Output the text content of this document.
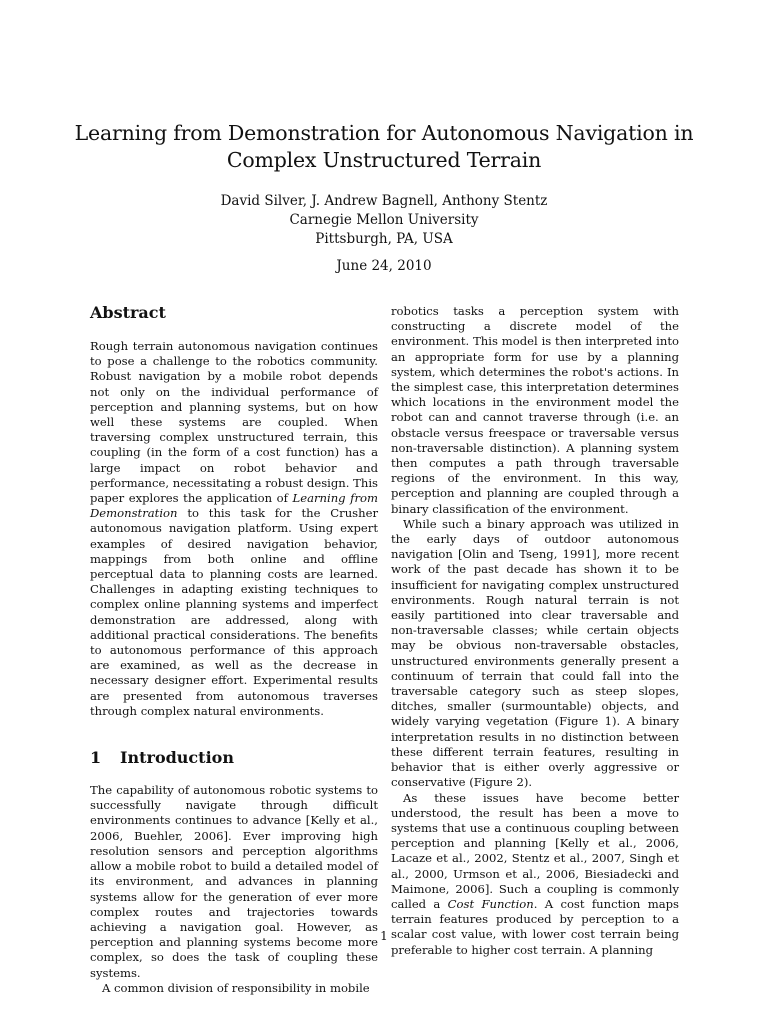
Learning from Demonstration for Autonomous Navigation in
Complex Unstructured Terrain
David Silver, J. Andrew Bagnell, Anthony Stentz
Carnegie Mellon University
Pittsburgh, PA, USA
June 24, 2010
Abstract

Rough terrain autonomous navigation continues to pose a challenge to the robotics community. Robust navigation by a mobile robot depends not only on the individual performance of perception and planning systems, but on how well these systems are coupled. When traversing complex unstructured terrain, this coupling (in the form of a cost function) has a large impact on robot behavior and performance, necessitating a robust design. This paper explores the application of Learning from Demonstration to this task for the Crusher autonomous navigation platform. Using expert examples of desired navigation behavior, mappings from both online and offline perceptual data to planning costs are learned. Challenges in adapting existing techniques to complex online planning systems and imperfect demonstration are addressed, along with additional practical considerations. The benefits to autonomous performance of this approach are examined, as well as the decrease in necessary designer effort. Experimental results are presented from autonomous traverses through complex natural environments.

1 Introduction

The capability of autonomous robotic systems to successfully navigate through difficult environments continues to advance [Kelly et al., 2006, Buehler, 2006]. Ever improving high resolution sensors and perception algorithms allow a mobile robot to build a detailed model of its environment, and advances in planning systems allow for the generation of ever more complex routes and trajectories towards achieving a navigation goal. However, as perception and planning systems become more complex, so does the task of coupling these systems.

A common division of responsibility in mobile

robotics tasks a perception system with constructing a discrete model of the environment. This model is then interpreted into an appropriate form for use by a planning system, which determines the robot's actions. In the simplest case, this interpretation determines which locations in the environment model the robot can and cannot traverse through (i.e. an obstacle versus freespace or traversable versus non-traversable distinction). A planning system then computes a path through traversable regions of the environment. In this way, perception and planning are coupled through a binary classification of the environment.

While such a binary approach was utilized in the early days of outdoor autonomous navigation [Olin and Tseng, 1991], more recent work of the past decade has shown it to be insufficient for navigating complex unstructured environments. Rough natural terrain is not easily partitioned into clear traversable and non-traversable classes; while certain objects may be obvious non-traversable obstacles, unstructured environments generally present a continuum of terrain that could fall into the traversable category such as steep slopes, ditches, smaller (surmountable) objects, and widely varying vegetation (Figure 1). A binary interpretation results in no distinction between these different terrain features, resulting in behavior that is either overly aggressive or conservative (Figure 2).

As these issues have become better understood, the result has been a move to systems that use a continuous coupling between perception and planning [Kelly et al., 2006, Lacaze et al., 2002, Stentz et al., 2007, Singh et al., 2000, Urmson et al., 2006, Biesiadecki and Maimone, 2006]. Such a coupling is commonly called a Cost Function. A cost function maps terrain features produced by perception to a scalar cost value, with lower cost terrain being preferable to higher cost terrain. A planning

1
